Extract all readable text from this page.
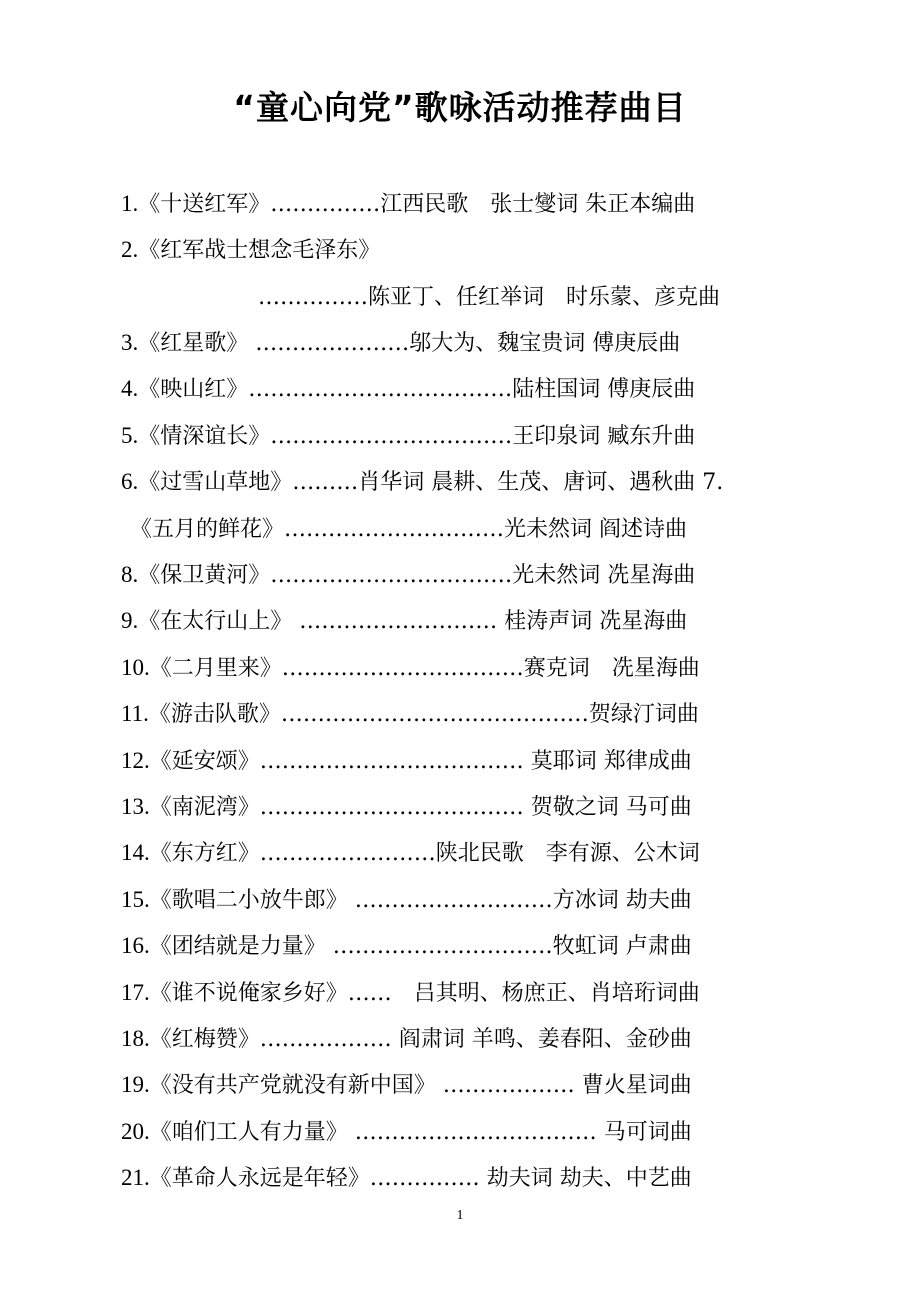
“童心向党”歌咏活动推荐曲目
1.《十送红军》……………江西民歌　张士燮词 朱正本编曲
2.《红军战士想念毛泽东》
……………陈亚丁、任红举词　时乐蒙、彦克曲
3.《红星歌》 …………………邬大为、魏宝贵词 傅庚辰曲
4.《映山红》………………………………陆柱国词 傅庚辰曲
5.《情深谊长》……………………………王印泉词 臧东升曲
6.《过雪山草地》………肖华词 晨耕、生茂、唐诃、遇秋曲 7.
《五月的鲜花》…………………………光未然词 阎述诗曲
8.《保卫黄河》……………………………光未然词 冼星海曲
9.《在太行山上》 ……………………… 桂涛声词 冼星海曲
10.《二月里来》……………………………赛克词　冼星海曲
11.《游击队歌》……………………………………贺绿汀词曲
12.《延安颂》……………………………… 莫耶词 郑律成曲
13.《南泥湾》……………………………… 贺敬之词 马可曲
14.《东方红》……………………陕北民歌　李有源、公木词
15.《歌唱二小放牛郎》 ………………………方冰词 劫夫曲
16.《团结就是力量》 …………………………牧虹词 卢肃曲
17.《谁不说俺家乡好》……　吕其明、杨庶正、肖培珩词曲
18.《红梅赞》……………… 阎肃词 羊鸣、姜春阳、金砂曲
19.《没有共产党就没有新中国》 ……………… 曹火星词曲
20.《咱们工人有力量》 …………………………… 马可词曲
21.《革命人永远是年轻》…………… 劫夫词 劫夫、中艺曲
1
